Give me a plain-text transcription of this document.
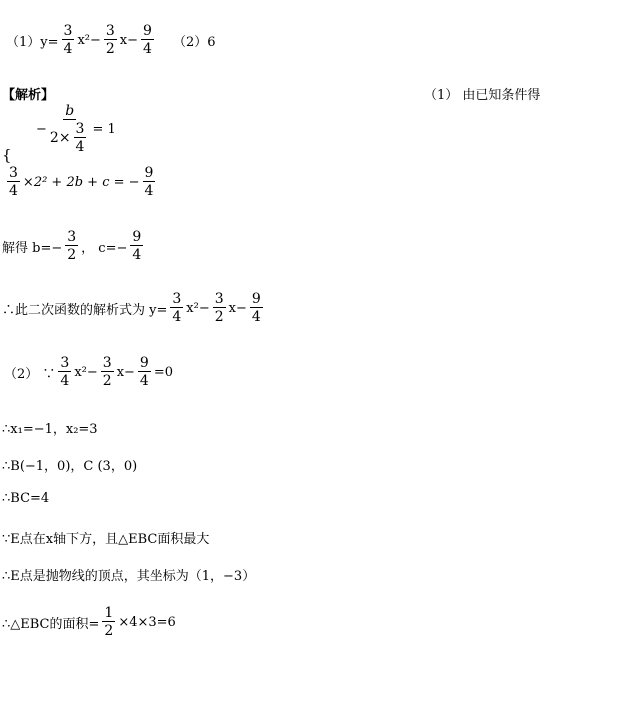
$(1)y= \frac{3}{4} x^2- \frac{3}{2} x- \frac{9}{4} (2)6$
【解析】	（1） 由已知条件得
− $\frac{b}{2\times \frac{3}{4}} = 1$
{
$\frac{3}{4} \times 2^2 + 2b + c$ = − $\frac{9}{4}$
解得 $b=- \frac{3}{2}$ ， $c=- \frac{9}{4}$
∴此二次函数的解析式为 $y= \frac{3}{4} x^2- \frac{3}{2} x- \frac{9}{4}$
（2） ∵ $\frac{3}{4} x^2- \frac{3}{2} x- \frac{9}{4} =0$
∴x₁=−1，x₂=3
∴B(−1，0)，C (3，0)
∴BC=4
∵E点在x轴下方，且△EBC面积最大
∴E点是抛物线的顶点，其坐标为（1，−3）
∴△EBC的面积= $\frac{1}{2} \times 4\times 3=6$
